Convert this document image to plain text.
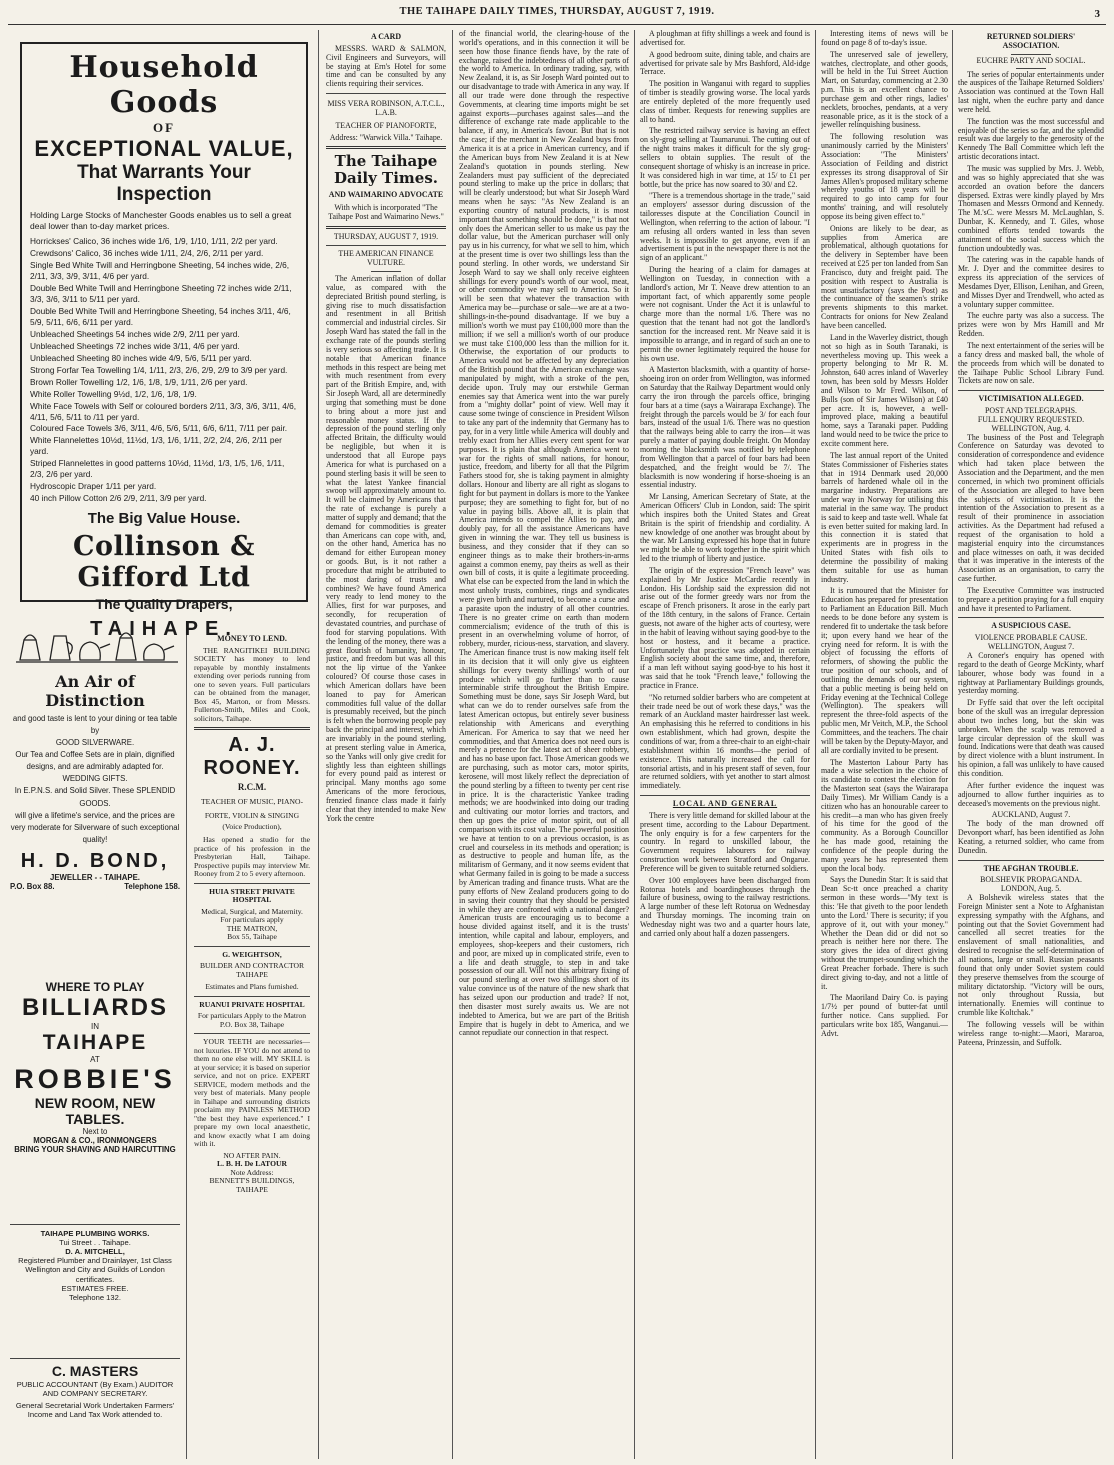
THE TAIHAPE DAILY TIMES, THURSDAY, AUGUST 7, 1919.	3
Household Goods
OF
EXCEPTIONAL VALUE,
That Warrants Your Inspection
Holding Large Stocks of Manchester Goods enables us to sell a great deal lower than to-day market prices.
Horrickses' Calico, 36 inches wide 1/6, 1/9, 1/10, 1/11, 2/2 per yard.
Crewdsons' Calico, 36 inches wide 1/11, 2/4, 2/6, 2/11 per yard.
Single Bed White Twill and Herringbone Sheeting, 54 inches wide, 2/6, 2/11, 3/3, 3/9, 3/11, 4/6 per yard.
Double Bed White Twill and Herringbone Sheeting 72 inches wide 2/11, 3/3, 3/6, 3/11 to 5/11 per yard.
Double Bed White Twill and Herringbone Sheeting, 54 inches 3/11, 4/6, 5/9, 5/11, 6/6, 6/11 per yard.
Unbleached Sheetings 54 inches wide 2/9, 2/11 per yard.
Unbleached Sheetings 72 inches wide 3/11, 4/6 per yard.
Unbleached Sheeting 80 inches wide 4/9, 5/6, 5/11 per yard.
Strong Forfar Tea Towelling 1/4, 1/11, 2/3, 2/6, 2/9, 2/9 to 3/9 per yard.
Brown Roller Towelling 1/2, 1/6, 1/8, 1/9, 1/11, 2/6 per yard.
White Roller Towelling 9½d, 1/2, 1/6, 1/8, 1/9.
White Face Towels with Self or coloured borders 2/11, 3/3, 3/6, 3/11, 4/6, 4/11, 5/6, 5/11 to /11 per yard.
Coloured Face Towels 3/6, 3/11, 4/6, 5/6, 5/11, 6/6, 6/11, 7/11 per pair.
White Flannelettes 10½d, 11½d, 1/3, 1/6, 1/11, 2/2, 2/4, 2/6, 2/11 per yard.
Striped Flannelettes in good patterns 10½d, 11½d, 1/3, 1/5, 1/6, 1/11, 2/3, 2/6 per yard.
Hydroscopic Draper 1/11 per yard.
40 inch Pillow Cotton 2/6 2/9, 2/11, 3/9 per yard.
The Big Value House.
Collinson & Gifford Ltd
The Quality Drapers,
TAIHAPE.
An Air of Distinction
and good taste is lent to your dining or tea table by
GOOD SILVERWARE.
Our Tea and Coffee Sets are in plain, dignified designs, and are admirably adapted for.
WEDDING GIFTS.
In E.P.N.S. and Solid Silver. These SPLENDID GOODS.
will give a lifetime's service, and the prices are very moderate for Silverware of such exceptional quality!
H. D. BOND,
JEWELLER - - TAIHAPE.
P.O. Box 88.	Telephone 158.
WHERE TO PLAY
BILLIARDS
IN
TAIHAPE
AT
ROBBIE'S
NEW ROOM, NEW TABLES.
Next to
MORGAN & CO., IRONMONGERS
BRING YOUR SHAVING AND HAIRCUTTING
TAIHAPE PLUMBING WORKS.
Tui Street . . Taihape.
D. A. MITCHELL,
Registered Plumber and Drainlayer, 1st Class Wellington and City and Guilds of London certificates.
ESTIMATES FREE.
Telephone 132.
C. MASTERS
PUBLIC ACCOUNTANT (By Exam.) AUDITOR AND COMPANY SECRETARY.
General Secretarial Work Undertaken Farmers' Income and Land Tax Work attended to.
MONEY TO LEND.

THE RANGITIKEI BUILDING SOCIETY has money to lend repayable by monthly instalments extending over periods running from one to seven years. Full particulars can be obtained from the manager, Box 45, Marton, or from Messrs. Fullerton-Smith, Miles and Cook, solicitors, Taihape.

A. J. ROONEY.
R.C.M.
TEACHER OF MUSIC, PIANO-FORTE, VIOLIN & SINGING
(Voice Production),

Has opened a studio for the practice of his profession in the Presbyterian Hall, Taihape. Prospective pupils may interview Mr. Rooney from 2 to 5 every afternoon.

HUIA STREET PRIVATE HOSPITAL
Medical, Surgical, and Maternity.
For particulars apply
THE MATRON,
Box 55, Taihape
G. WEIGHTSON,
BUILDER AND CONTRACTOR
TAIHAPE
Estimates and Plans furnished.
RUANUI PRIVATE HOSPITAL
For particulars Apply to the Matron P.O. Box 38, Taihape

YOUR TEETH are necessaries—not luxuries. IF YOU do not attend to them no one else will. MY SKILL is at your service; it is based on superior service, and not on price. EXPERT SERVICE, modern methods and the very best of materials. Many people in Taihape and surrounding districts proclaim my PAINLESS METHOD "the best they have experienced." I prepare my own local anaesthetic, and know exactly what I am doing with it.

NO AFTER PAIN.
L. B. H. De LATOUR
Note Address:
BENNETT'S BUILDINGS, TAIHAPE
A CARD

MESSRS. WARD & SALMON, Civil Engineers and Surveyors, will be staying at Ern's Hotel for some time and can be consulted by any clients requiring their services.

MISS VERA ROBINSON, A.T.C.L.,
L.A.B.
TEACHER OF PIANOFORTE,
Address: "Warwick Villa." Taihape.
The Taihape Daily Times.
AND WAIMARINO ADVOCATE
With which is incorporated "The Taihape Post and Waimarino News."
THURSDAY, AUGUST 7, 1919.
THE AMERICAN FINANCE VULTURE.

The American inflation of dollar value, as compared with the depreciated British pound sterling, is giving rise to much dissatisfaction and resentment in all British commercial and industrial circles. Sir Joseph Ward has stated the fall in the exchange rate of the pounds sterling is very serious so affecting trade. It is notable that American finance methods in this respect are being met with much resentment from every part of the British Empire, and, with Sir Joseph Ward, all are determinedly urging that something must be done to bring about a more just and reasonable money status. If the depression of the pound sterling only affected Britain, the difficulty would be negligible, but when it is understood that all Europe pays America for what is purchased on a pound sterling basis it will be seen to what the latest Yankee financial swoop will approximately amount to. It will be claimed by Americans that the rate of exchange is purely a matter of supply and demand; that the demand for commodities is greater than Americans can cope with, and, on the other hand, America has no demand for either European money or goods. But, is it not rather a procedure that might be attributed to the most daring of trusts and combines? We have found America very ready to lend money to the Allies, first for war purposes, and secondly, for recuperation of devastated countries, and purchase of food for starving populations. With the lending of the money, there was a great flourish of humanity, honour, justice, and freedom but was all this not the lip virtue of the Yankee coloured? Of course those cases in which American dollars have been loaned to pay for American commodities full value of the dollar is presumably received, but the pinch is felt when the borrowing people pay back the principal and interest, which are invariably in the pound sterling, at present sterling value in America, so the Yanks will only give credit for slightly less than eighteen shillings for every pound paid as interest or principal. Many months ago some Americans of the more ferocious, frenzied finance class made it fairly clear that they intended to make New York the centre

of the financial world, the clearing-house of the world's operations, and in this connection it will be seen how those finance fiends have, by the rate of exchange, raised the indebtedness of all other parts of the world to America. In ordinary trading, say, with New Zealand, it is, as Sir Joseph Ward pointed out to our disadvantage to trade with America in any way. If all our trade were done through the respective Governments, at clearing time imports might be set against exports—purchases against sales—and the difference of exchange rate made applicable to the balance, if any, in America's favour. But that is not the case; if the merchant in New Zealand buys from America it is at a price in American currency, and if the American buys from New Zealand it is at New Zealand's quotation in pounds sterling. New Zealanders must pay sufficient of the depreciated pound sterling to make up the price in dollars; that will be clearly understood; but what Sir Joseph Ward means when he says: "As New Zealand is an exporting country of natural products, it is most important that something should be done," is that not only does the American seller to us make us pay the dollar value, but the American purchaser will only pay us in his currency, for what we sell to him, which at the present time is over two shillings less than the pound sterling. In other words, we understand Sir Joseph Ward to say we shall only receive eighteen shillings for every pound's worth of our wool, meat, or other commodity we may sell to America. So it will be seen that whatever the transaction with America may be—purchase or sale—we are at a two-shillings-in-the-pound disadvantage. If we buy a million's worth we must pay £100,000 more than the million; if we sell a million's worth of our produce we must take £100,000 less than the million for it. Otherwise, the exportation of our products to America would not be affected by any depreciation of the British pound that the American exchange was manipulated by might, with a stroke of the pen, decide upon. Truly may our erstwhile German enemies say that America went into the war purely from a "mighty dollar" point of view. Well may it cause some twinge of conscience in President Wilson to take any part of the indemnity that Germany has to pay, for in a very little while America will doubly and trebly exact from her Allies every cent spent for war purposes. It is plain that although America went to war for the rights of small nations, for honour, justice, freedom, and liberty for all that the Pilgrim Fathers stood for, she is taking payment in almighty dollars. Honour and liberty are all right as slogans to fight for but payment in dollars is more to the Yankee purpose; they are something to fight for, but of no value in paying bills. Above all, it is plain that America intends to compel the Allies to pay, and doubly pay, for all the assistance Americans have given in winning the war. They tell us business is business, and they consider that if they can so engineer things as to make their brothers-in-arms against a common enemy, pay theirs as well as their own bill of costs, it is quite a legitimate proceeding. What else can be expected from the land in which the most unholy trusts, combines, rings and syndicates were given birth and nurtured, to become a curse and a parasite upon the industry of all other countries. There is no greater crime on earth than modern commercialism; evidence of the truth of this is present in an overwhelming volume of horror, of robbery, murder, ricious-ness, starvation, and slavery. The American finance trust is now making itself felt in its decision that it will only give us eighteen shillings for every twenty shillings' worth of our produce which will go further than to cause interminable strife throughout the British Empire. Something must be done, says Sir Joseph Ward, but what can we do to render ourselves safe from the latest American octopus, but entirely sever business relationship with Americans and everything American. For America to say that we need her commodities, and that America does not need ours is merely a pretence for the latest act of sheer robbery, and has no base upon fact. Those American goods we are purchasing, such as motor cars, motor spirits, kerosene, will most likely reflect the depreciation of the pound sterling by a fifteen to twenty per cent rise in price. It is the characteristic Yankee trading methods; we are hoodwinked into doing our trading and cultivating our motor lorries and tractors, and then up goes the price of motor spirit, out of all comparison with its cost value. The powerful position we have at tention to on a previous occasion, is as cruel and courseless in its methods and operation; is as destructive to people and human life, as the militarism of Germany, and it now seems evident that what Germany failed in is going to be made a success by American trading and finance trusts. What are the puny efforts of New Zealand producers going to do in saving their country that they should be persisted in while they are confronted with a national danger? American trusts are encouraging us to become a house divided against itself, and it is the trusts' intention, while capital and labour, employers, and employees, shop-keepers and their customers, rich and poor, are mixed up in complicated strife, even to a life and death struggle, to step in and take possession of our all. Will not this arbitrary fixing of our pound sterling at over two shillings short of its value convince us of the nature of the new shark that has seized upon our production and trade? If not, then disaster most surely awaits us. We are not indebted to America, but we are part of the British Empire that is hugely in debt to America, and we cannot repudiate our connection in that respect.

A ploughman at fifty shillings a week and found is advertised for.

A good bedroom suite, dining table, and chairs are advertised for private sale by Mrs Bashford, Ald-idge Terrace.

The position in Wanganui with regard to supplies of timber is steadily growing worse. The local yards are entirely depleted of the more frequently used class of timber. Requests for renewing supplies are all to hand.

The restricted railway service is having an effect on sly-grog selling at Taumarunui. The cutting out of the night trains makes it difficult for the sly grog-sellers to obtain supplies. The result of the consequent shortage of whisky is an increase in price. It was considered high in war time, at 15/ to £1 per bottle, but the price has now soared to 30/ and £2.

"There is a tremendous shortage in the trade," said an employers' assessor during discussion of the tailoresses dispute at the Conciliation Council in Wellington, when referring to the action of labour. "I am refusing all orders wanted in less than seven weeks. It is impossible to get anyone, even if an advertisement is put in the newspaper there is not the sign of an applicant."

During the hearing of a claim for damages at Wellington on Tuesday, in connection with a landlord's action, Mr T. Neave drew attention to an important fact, of which apparently some people were not cognisant. Under the Act it is unlawful to charge more than the normal 1/6. There was no question that the tenant had not got the landlord's sanction for the increased rent. Mr Neave said it is impossible to arrange, and in regard of such an one to permit the owner legitimately required the house for his own use.

A Masterton blacksmith, with a quantity of horse-shoeing iron on order from Wellington, was informed on Saturday that the Railway Department would only carry the iron through the parcels office, bringing four bars at a time (says a Wairarapa Exchange). The freight through the parcels would be 3/ for each four bars, instead of the usual 1/6. There was no question that the railways being able to carry the iron—it was purely a matter of paying double freight. On Monday morning the blacksmith was notified by telephone from Wellington that a parcel of four bars had been despatched, and the freight would be 7/. The blacksmith is now wondering if horse-shoeing is an essential industry.

Mr Lansing, American Secretary of State, at the American Officers' Club in London, said: The spirit which inspires both the United States and Great Britain is the spirit of friendship and cordiality. A new knowledge of one another was brought about by the war. Mr Lansing expressed his hope that in future we might be able to work together in the spirit which led to the triumph of liberty and justice.

The origin of the expression "French leave" was explained by Mr Justice McCardie recently in London. His Lordship said the expression did not arise out of the former greedy wars nor from the escape of French prisoners. It arose in the early part of the 18th century, in the salons of France. Certain guests, not aware of the higher acts of courtesy, were in the habit of leaving without saying good-bye to the host or hostess, and it became a practice. Unfortunately that practice was adopted in certain English society about the same time, and, therefore, if a man left without saying good-bye to his host it was said that he took "French leave," following the practice in France.

"No returned soldier barbers who are competent at their trade need be out of work these days," was the remark of an Auckland master hairdresser last week. An emphasising this he referred to conditions in his own establishment, which had grown, despite the conditions of war, from a three-chair to an eight-chair establishment within 16 months—the period of existence. This naturally increased the call for tonsorial artists, and in his present staff of seven, four are returned soldiers, with yet another to start almost immediately.

LOCAL AND GENERAL

There is very little demand for skilled labour at the present time, according to the Labour Department. The only enquiry is for a few carpenters for the country. In regard to unskilled labour, the Government requires labourers for railway construction work between Stratford and Ongarue. Preference will be given to suitable returned soldiers.

Over 100 employees have been discharged from Rotorua hotels and boardinghouses through the failure of business, owing to the railway restrictions. A large number of these left Rotorua on Wednesday and Thursday mornings. The incoming train on Wednesday night was two and a quarter hours late, and carried only about half a dozen passengers.

Interesting items of news will be found on page 8 of to-day's issue.

The unreserved sale of jewellery, watches, clectroplate, and other goods, will be held in the Tui Street Auction Mart, on Saturday, commencing at 2.30 p.m. This is an excellent chance to purchase gem and other rings, ladies' necklets, brooches, pendants, at a very reasonable price, as it is the stock of a jeweller relinquishing business.

The following resolution was unanimously carried by the Ministers' Association: "The Ministers' Association of Feilding and district expresses its strong disapproval of Sir James Allen's proposed military scheme whereby youths of 18 years will be required to go into camp for four months' training, and will resolutely oppose its being given effect to."

Onions are likely to be dear, as supplies from America are problematical, although quotations for the delivery in September have been received at £25 per ton landed from San Francisco, duty and freight paid. The position with respect to Australia is most unsatisfactory (says the Post) as the continuance of the seamen's strike prevents shipments to this market. Contracts for onions for New Zealand have been cancelled.

Land in the Waverley district, though not so high as in South Taranaki, is nevertheless moving up. This week a property belonging to Mr R. M. Johnston, 640 acres inland of Waverley town, has been sold by Messrs Holder and Wilson to Mr Fred. Wilson, of Bulls (son of Sir James Wilson) at £40 per acre. It is, however, a well-improved place, making a beautiful home, says a Taranaki paper. Pudding land would need to be twice the price to excite comment here.

The last annual report of the United States Commissioner of Fisheries states that in 1914 Denmark used 20,000 barrels of hardened whale oil in the margarine industry. Preparations are under way in Norway for utilising this material in the same way. The product is said to keep and taste well. Whale fat is even better suited for making lard. In this connection it is stated that experiments are in progress in the United States with fish oils to determine the possibility of making them suitable for use as human industry.

It is rumoured that the Minister for Education has prepared for presentation to Parliament an Education Bill. Much needs to be done before any system is rendered fit to undertake the task before it; upon every hand we hear of the crying need for reform. It is with the object of focussing the efforts of reformers, of showing the public the true position of our schools, and of outlining the demands of our system, that a public meeting is being held on Friday evening at the Technical College (Wellington). The speakers will represent the three-fold aspects of the public men, Mr Veitch, M.P., the School Committees, and the teachers. The chair will be taken by the Deputy-Mayor, and all are cordially invited to be present.

The Masterton Labour Party has made a wise selection in the choice of its candidate to contest the election for the Masterton seat (says the Wairarapa Daily Times). Mr William Candy is a citizen who has an honourable career to his credit—a man who has given freely of his time for the good of the community. As a Borough Councillor he has made good, retaining the confidence of the people during the many years he has represented them upon the local body.

Says the Dunedin Star: It is said that Dean Sc-tt once preached a charity sermon in these words—"My text is this: 'He that giveth to the poor lendeth unto the Lord.' There is security; if you approve of it, out with your money." Whether the Dean did or did not so preach is neither here nor there. The story gives the idea of direct giving without the trumpet-sounding which the Great Preacher forbade. There is such direct giving to-day, and not a little of it.

The Maoriland Dairy Co. is paying 1/7½ per pound of butter-fat until further notice. Cans supplied. For particulars write box 185, Wanganui.—Advt.

RETURNED SOLDIERS' ASSOCIATION.
EUCHRE PARTY AND SOCIAL.

The series of popular entertainments under the auspices of the Taihape Returned Soldiers' Association was continued at the Town Hall last night, when the euchre party and dance were held.

The function was the most successful and enjoyable of the series so far, and the splendid result was due largely to the generosity of the Kennedy The Ball Committee which left the artistic decorations intact.

The music was supplied by Mrs. J. Webb, and was so highly appreciated that she was accorded an ovation before the dancers dispersed. Extras were kindly played by Mrs Thomasen and Messrs Ormond and Kennedy. The M.'sC. were Messrs M. McLaughlan, S. Dunbar, K. Kennedy, and T. Giles, whose combined efforts tended towards the attainment of the social success which the function undoubtedly was.

The catering was in the capable hands of Mr. J. Dyer and the committee desires to express its appreciation of the services of Mesdames Dyer, Ellison, Lenihan, and Green, and Misses Dyer and Trendwell, who acted as a voluntary supper committee.

The euchre party was also a success. The prizes were won by Mrs Hamill and Mr Redden.

The next entertainment of the series will be a fancy dress and masked ball, the whole of the proceeds from which will be donated to the Taihape Public School Library Fund. Tickets are now on sale.

VICTIMISATION ALLEGED.
POST AND TELEGRAPHS.
FULL ENQUIRY REQUESTED.
WELLINGTON, Aug. 4.

The business of the Post and Telegraph Conference on Saturday was devoted to consideration of correspondence and evidence which had taken place between the Association and the Department, and the men concerned, in which two prominent officials of the Association are alleged to have been the subjects of victimisation. It is the intention of the Association to present as a result of their prominence in association activities. As the Department had refused a request of the organisation to hold a magisterial enquiry into the circumstances and place witnesses on oath, it was decided that it was imperative in the interests of the Association as an organisation, to carry the case further.

The Executive Committee was instructed to prepare a petition praying for a full enquiry and have it presented to Parliament.

A SUSPICIOUS CASE.
VIOLENCE PROBABLE CAUSE.
WELLINGTON, August 7.

A Coroner's enquiry has opened with regard to the death of George McKinty, wharf labourer, whose body was found in a rightway at Parliamentary Buildings grounds, yesterday morning.

Dr Fyffe said that over the left occipital bone of the skull was an irregular depression about two inches long, but the skin was unbroken. When the scalp was removed a large circular depression of the skull was found. Indications were that death was caused by direct violence with a blunt instrument. In his opinion, a fall was unlikely to have caused this condition.

After further evidence the inquest was adjourned to allow further inquiries as to deceased's movements on the previous night.

AUCKLAND, August 7.

The body of the man drowned off Devonport wharf, has been identified as John Keating, a returned soldier, who came from Dunedin.

THE AFGHAN TROUBLE.
BOLSHEVIK PROPAGANDA.
LONDON, Aug. 5.

A Bolshevik wireless states that the Foreign Minister sent a Note to Afghanistan expressing sympathy with the Afghans, and pointing out that the Soviet Government had cancelled all secret treaties for the enslavement of small nationalities, and desired to recognise the self-determination of all nations, large or small. Russian peasants found that only under Soviet system could they preserve themselves from the scourge of military dictatorship. "Victory will be ours, not only throughout Russia, but internationally. Enemies will continue to crumble like Koltchak."

The following vessels will be within wireless range to-night:—Maori, Mararoa, Pateena, Prinzessin, and Suffolk.
